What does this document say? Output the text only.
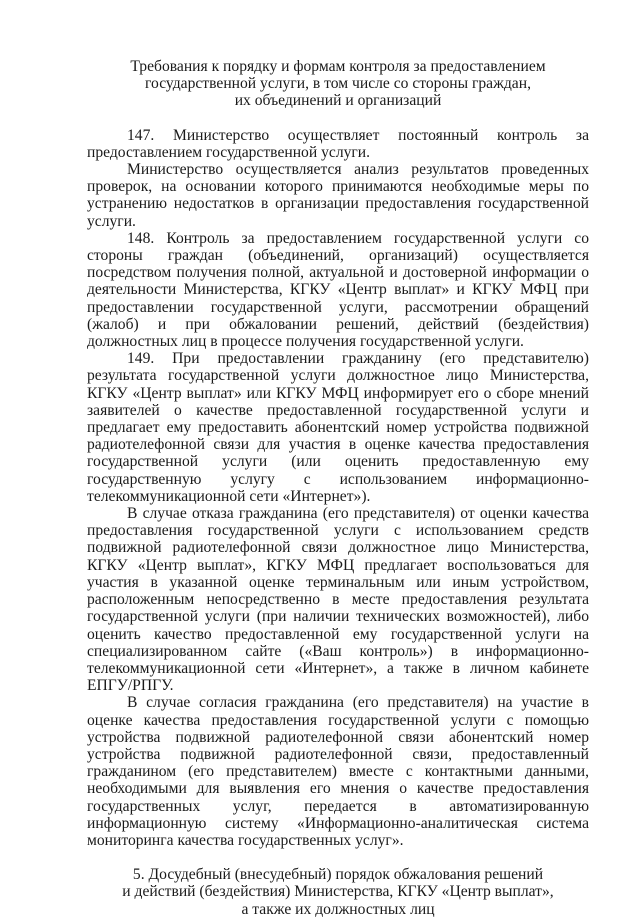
Требования к порядку и формам контроля за предоставлением
государственной услуги, в том числе со стороны граждан,
их объединений и организаций

147. Министерство осуществляет постоянный контроль за предоставлением государственной услуги.

Министерство осуществляется анализ результатов проведенных проверок, на основании которого принимаются необходимые меры по устранению недостатков в организации предоставления государственной услуги.

148. Контроль за предоставлением государственной услуги со стороны граждан (объединений, организаций) осуществляется посредством получения полной, актуальной и достоверной информации о деятельности Министерства, КГКУ «Центр выплат» и КГКУ МФЦ при предоставлении государственной услуги, рассмотрении обращений (жалоб) и при обжаловании решений, действий (бездействия) должностных лиц в процессе получения государственной услуги.

149. При предоставлении гражданину (его представителю) результата государственной услуги должностное лицо Министерства, КГКУ «Центр выплат» или КГКУ МФЦ информирует его о сборе мнений заявителей о качестве предоставленной государственной услуги и предлагает ему предоставить абонентский номер устройства подвижной радиотелефонной связи для участия в оценке качества предоставления государственной услуги (или оценить предоставленную ему государственную услугу с использованием информационно-телекоммуникационной сети «Интернет»).

В случае отказа гражданина (его представителя) от оценки качества предоставления государственной услуги с использованием средств подвижной радиотелефонной связи должностное лицо Министерства, КГКУ «Центр выплат», КГКУ МФЦ предлагает воспользоваться для участия в указанной оценке терминальным или иным устройством, расположенным непосредственно в месте предоставления результата государственной услуги (при наличии технических возможностей), либо оценить качество предоставленной ему государственной услуги на специализированном сайте («Ваш контроль») в информационно-телекоммуникационной сети «Интернет», а также в личном кабинете ЕПГУ/РПГУ.

В случае согласия гражданина (его представителя) на участие в оценке качества предоставления государственной услуги с помощью устройства подвижной радиотелефонной связи абонентский номер устройства подвижной радиотелефонной связи, предоставленный гражданином (его представителем) вместе с контактными данными, необходимыми для выявления его мнения о качестве предоставления государственных услуг, передается в автоматизированную информационную систему «Информационно-аналитическая система мониторинга качества государственных услуг».

5. Досудебный (внесудебный) порядок обжалования решений
и действий (бездействия) Министерства, КГКУ «Центр выплат»,
а также их должностных лиц
